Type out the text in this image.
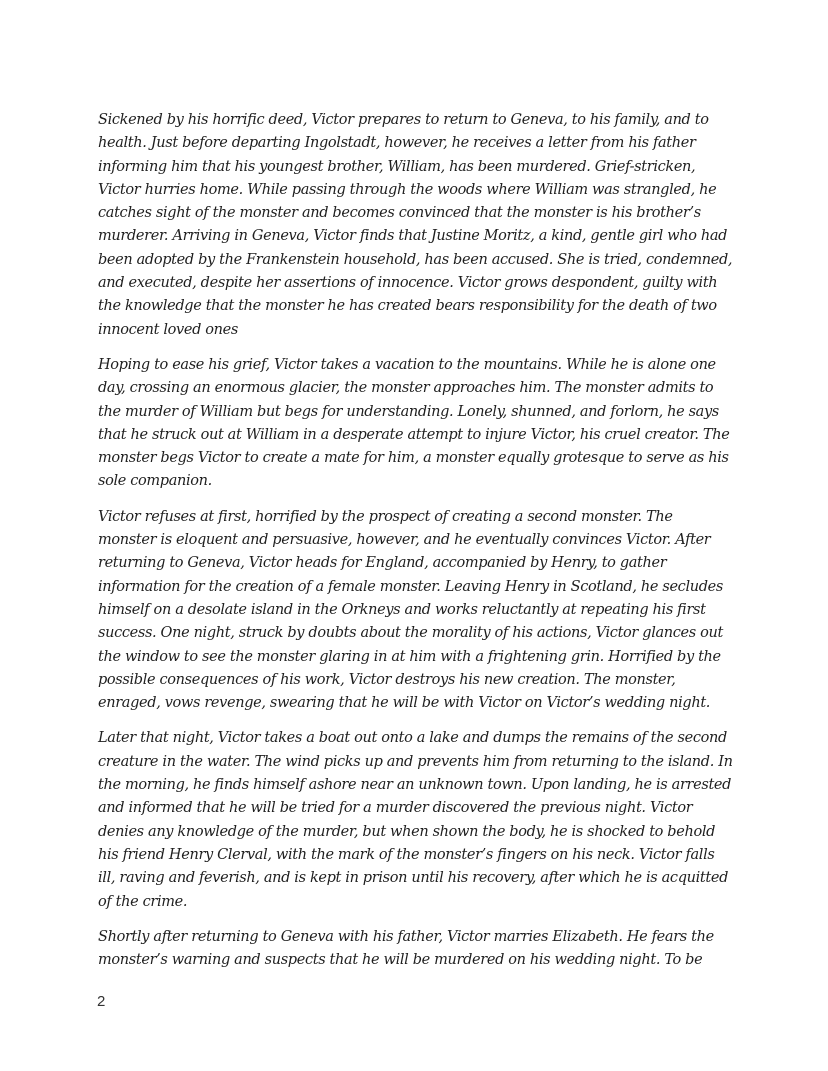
Sickened by his horrific deed, Victor prepares to return to Geneva, to his family, and to health. Just before departing Ingolstadt, however, he receives a letter from his father informing him that his youngest brother, William, has been murdered. Grief-stricken, Victor hurries home. While passing through the woods where William was strangled, he catches sight of the monster and becomes convinced that the monster is his brother’s murderer. Arriving in Geneva, Victor finds that Justine Moritz, a kind, gentle girl who had been adopted by the Frankenstein household, has been accused. She is tried, condemned, and executed, despite her assertions of innocence. Victor grows despondent, guilty with the knowledge that the monster he has created bears responsibility for the death of two innocent loved ones

Hoping to ease his grief, Victor takes a vacation to the mountains. While he is alone one day, crossing an enormous glacier, the monster approaches him. The monster admits to the murder of William but begs for understanding. Lonely, shunned, and forlorn, he says that he struck out at William in a desperate attempt to injure Victor, his cruel creator. The monster begs Victor to create a mate for him, a monster equally grotesque to serve as his sole companion.

Victor refuses at first, horrified by the prospect of creating a second monster. The monster is eloquent and persuasive, however, and he eventually convinces Victor. After returning to Geneva, Victor heads for England, accompanied by Henry, to gather information for the creation of a female monster. Leaving Henry in Scotland, he secludes himself on a desolate island in the Orkneys and works reluctantly at repeating his first success. One night, struck by doubts about the morality of his actions, Victor glances out the window to see the monster glaring in at him with a frightening grin. Horrified by the possible consequences of his work, Victor destroys his new creation. The monster, enraged, vows revenge, swearing that he will be with Victor on Victor’s wedding night.

Later that night, Victor takes a boat out onto a lake and dumps the remains of the second creature in the water. The wind picks up and prevents him from returning to the island. In the morning, he finds himself ashore near an unknown town. Upon landing, he is arrested and informed that he will be tried for a murder discovered the previous night. Victor denies any knowledge of the murder, but when shown the body, he is shocked to behold his friend Henry Clerval, with the mark of the monster’s fingers on his neck. Victor falls ill, raving and feverish, and is kept in prison until his recovery, after which he is acquitted of the crime.

Shortly after returning to Geneva with his father, Victor marries Elizabeth. He fears the monster’s warning and suspects that he will be murdered on his wedding night. To be

2
